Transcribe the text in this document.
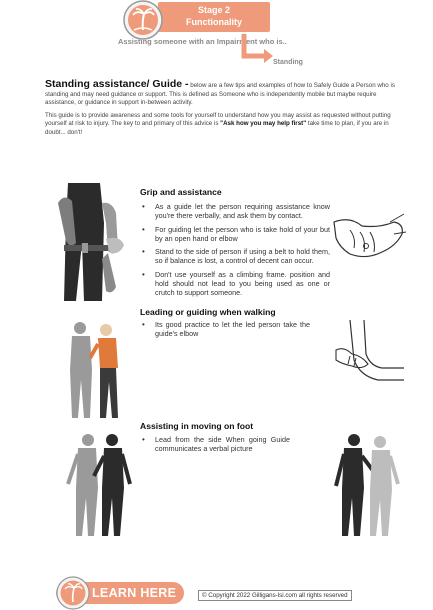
Stage 2
Functionality
Assisting someone with an Impairment who is..
Standing

Standing assistance/ Guide - below are a few tips and examples of how to Safely Guide a Person who is standing and may need guidance or support. This is defined as Someone who is independently mobile but maybe require assistance, or guidance in support in-between activity.

This guide is to provide awareness and some tools for yourself to understand how you may assist as requested without putting yourself at risk to injury. The key to and primary of this advice is "Ask how you may help first" take time to plan, if you are in doubt... don't!

Grip and assistance
• As a guide let the person requiring assistance know you're there verbally, and ask them by contact.
• For guiding let the person who is take hold of your but by an open hand or elbow
• Stand to the side of person if using a belt to hold them, so if balance is lost, a control of decent can occur.
• Don't use yourself as a climbing frame. position and hold should not lead to you being used as one or crutch to support someone.
Leading or guiding when walking
• Its good practice to let the led person take the guide's elbow
Assisting in moving on foot
• Lead from the side When going Guide communicates a verbal picture
LEARN HERE	© Copyright 2022 Gilligans-lsi.com all rights reserved
